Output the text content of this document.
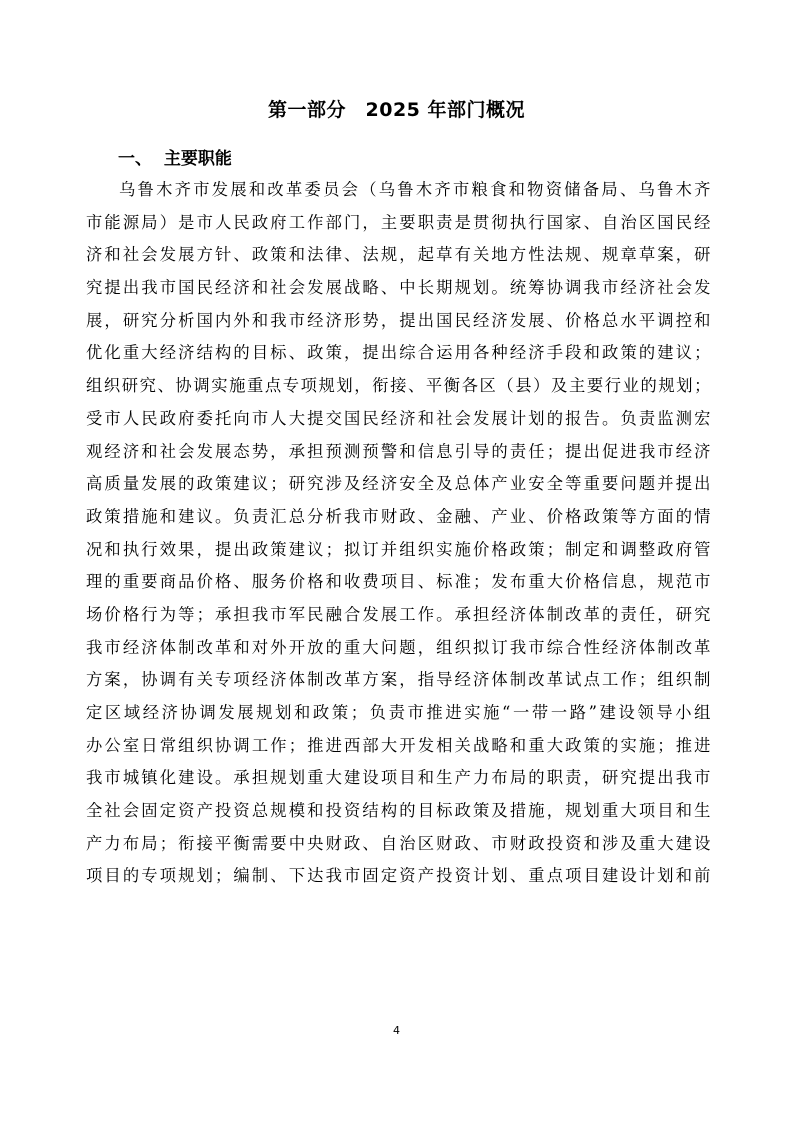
第一部分　2025 年部门概况
一、  主要职能
乌鲁木齐市发展和改革委员会（乌鲁木齐市粮食和物资储备局、乌鲁木齐
市能源局）是市人民政府工作部门，主要职责是贯彻执行国家、自治区国民经
济和社会发展方针、政策和法律、法规，起草有关地方性法规、规章草案，研
究提出我市国民经济和社会发展战略、中长期规划。统筹协调我市经济社会发
展，研究分析国内外和我市经济形势，提出国民经济发展、价格总水平调控和
优化重大经济结构的目标、政策，提出综合运用各种经济手段和政策的建议；
组织研究、协调实施重点专项规划，衔接、平衡各区（县）及主要行业的规划；
受市人民政府委托向市人大提交国民经济和社会发展计划的报告。负责监测宏
观经济和社会发展态势，承担预测预警和信息引导的责任；提出促进我市经济
高质量发展的政策建议；研究涉及经济安全及总体产业安全等重要问题并提出
政策措施和建议。负责汇总分析我市财政、金融、产业、价格政策等方面的情
况和执行效果，提出政策建议；拟订并组织实施价格政策；制定和调整政府管
理的重要商品价格、服务价格和收费项目、标准；发布重大价格信息，规范市
场价格行为等；承担我市军民融合发展工作。承担经济体制改革的责任，研究
我市经济体制改革和对外开放的重大问题，组织拟订我市综合性经济体制改革
方案，协调有关专项经济体制改革方案，指导经济体制改革试点工作；组织制
定区域经济协调发展规划和政策；负责市推进实施“一带一路”建设领导小组
办公室日常组织协调工作；推进西部大开发相关战略和重大政策的实施；推进
我市城镇化建设。承担规划重大建设项目和生产力布局的职责，研究提出我市
全社会固定资产投资总规模和投资结构的目标政策及措施，规划重大项目和生
产力布局；衔接平衡需要中央财政、自治区财政、市财政投资和涉及重大建设
项目的专项规划；编制、下达我市固定资产投资计划、重点项目建设计划和前
4
